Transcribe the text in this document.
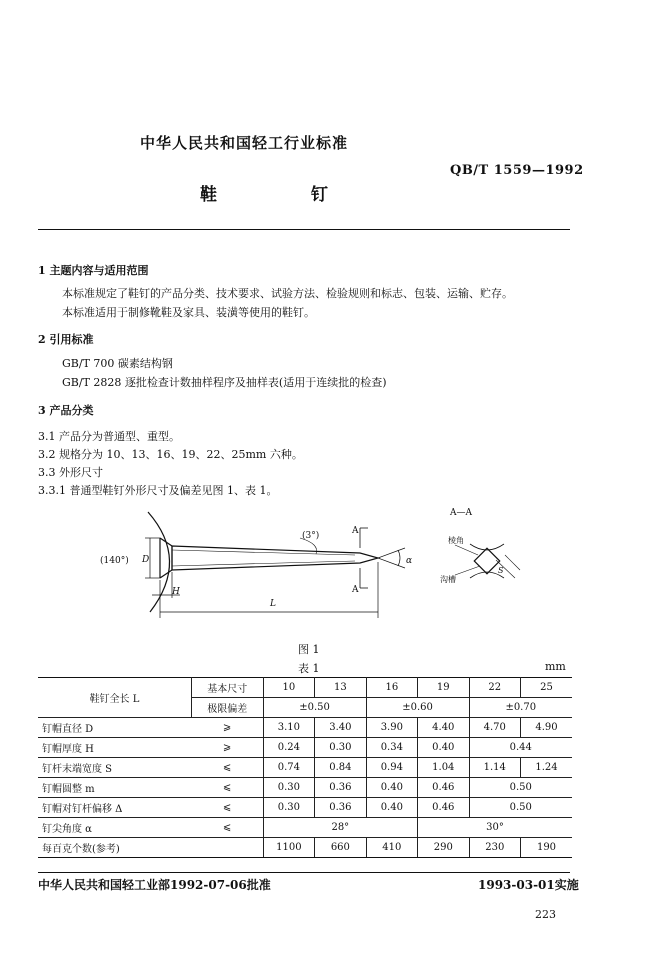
中华人民共和国轻工行业标准
QB/T 1559—1992
鞋 钉
1 主题内容与适用范围
本标准规定了鞋钉的产品分类、技术要求、试验方法、检验规则和标志、包装、运输、贮存。
本标准适用于制修靴鞋及家具、装潢等使用的鞋钉。
2 引用标准
GB/T 700 碳素结构钢
GB/T 2828 逐批检查计数抽样程序及抽样表(适用于连续批的检查)
3 产品分类
3.1 产品分为普通型、重型。
3.2 规格分为 10、13、16、19、22、25mm 六种。
3.3 外形尺寸
3.3.1 普通型鞋钉外形尺寸及偏差见图 1、表 1。
(140°) D
H
L
(3°)	A
A
α
A—A
棱角
沟槽
S
图 1
表 1	mm
鞋钉全长 L	基本尺寸	10	13	16	19	22	25
	极限偏差	±0.50		±0.60		±0.70	
钉帽直径 D	⩾	3.10	3.40	3.90	4.40	4.70	4.90
钉帽厚度 H	⩾	0.24	0.30	0.34	0.40	0.44	
钉杆末端宽度 S	⩽	0.74	0.84	0.94	1.04	1.14	1.24
钉帽圆整 m	⩽	0.30	0.36	0.40	0.46	0.50	
钉帽对钉杆偏移 Δ	⩽	0.30	0.36	0.40	0.46	0.50	
钉尖角度 α	⩽	28°			30°		
每百克个数(参考)		1100	660	410	290	230	190
中华人民共和国轻工业部1992-07-06批准	1993-03-01实施
223
